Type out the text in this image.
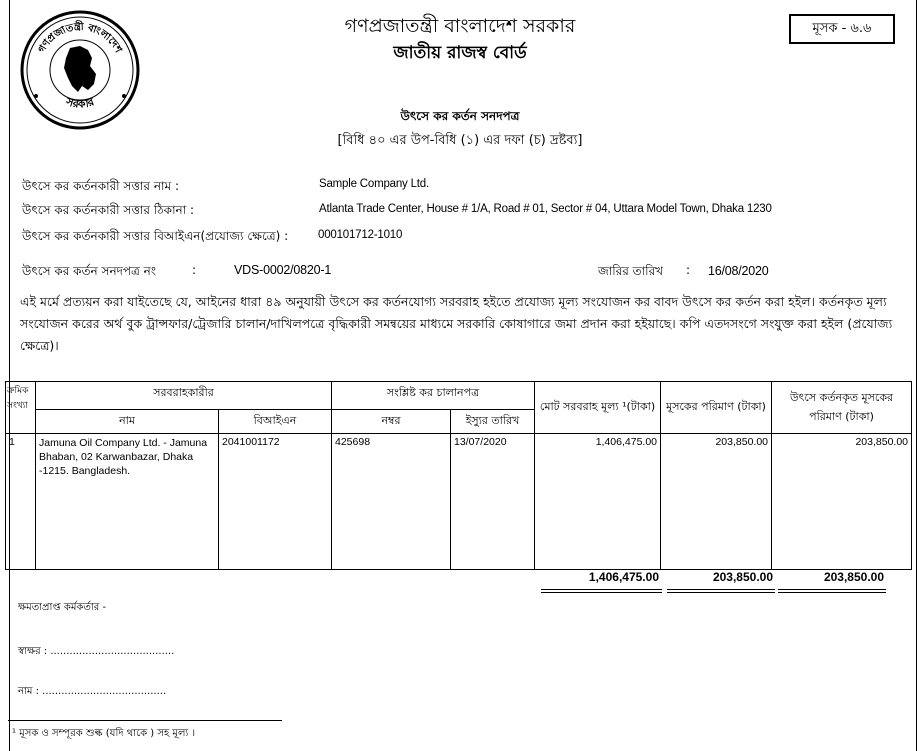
গণপ্রজাতন্ত্রী বাংলাদেশ
সরকার
গণপ্রজাতন্ত্রী বাংলাদেশ সরকার
জাতীয় রাজস্ব বোর্ড
মূসক - ৬.৬
উৎসে কর কর্তন সনদপত্র
[বিধি ৪০ এর উপ-বিধি (১) এর দফা (চ) দ্রষ্টব্য]
উৎসে কর কর্তনকারী সত্তার নাম :	Sample Company Ltd.
উৎসে কর কর্তনকারী সত্তার ঠিকানা :	Atlanta Trade Center, House # 1/A, Road # 01, Sector # 04, Uttara Model Town, Dhaka 1230
উৎসে কর কর্তনকারী সত্তার বিআইএন(প্রযোজ্য ক্ষেত্রে) :	000101712-1010
উৎসে কর কর্তন সনদপত্র নং	:	VDS-0002/0820-1	জারির তারিখ : 16/08/2020
এই মর্মে প্রত্যয়ন করা যাইতেছে যে, আইনের ধারা ৪৯ অনুযায়ী উৎসে কর কর্তনযোগ্য সরবরাহ হইতে প্রযোজ্য মূল্য সংযোজন কর বাবদ উৎসে কর কর্তন করা হইল। কর্তনকৃত মূল্য সংযোজন করের অর্থ বুক ট্রান্সফার/ট্রেজারি চালান/দাখিলপত্রে বৃদ্ধিকারী সমন্বয়ের মাধ্যমে সরকারি কোষাগারে জমা প্রদান করা হইয়াছে। কপি এতদসংগে সংযুক্ত করা হইল (প্রযোজ্য ক্ষেত্রে)।
ক্রমিক সংখ্যা	সরবরাহকারীর		সংশ্লিষ্ট কর চালানপত্র		মোট সরবরাহ মূল্য ¹(টাকা)	মূসকের পরিমাণ (টাকা)	উৎসে কর্তনকৃত মূসকের পরিমাণ (টাকা)
	নাম	বিআইএন	নম্বর	ইস্যুর তারিখ			
1	Jamuna Oil Company Ltd. - Jamuna Bhaban, 02 Karwanbazar, Dhaka -1215. Bangladesh.	2041001172	425698	13/07/2020	1,406,475.00	203,850.00	203,850.00
1,406,475.00	203,850.00	203,850.00
ক্ষমতাপ্রাপ্ত কর্মকর্তার -
স্বাক্ষর : .......................................
নাম : .......................................
¹ মূসক ও সম্পূরক শুল্ক (যদি থাকে ) সহ মূল্য ।
